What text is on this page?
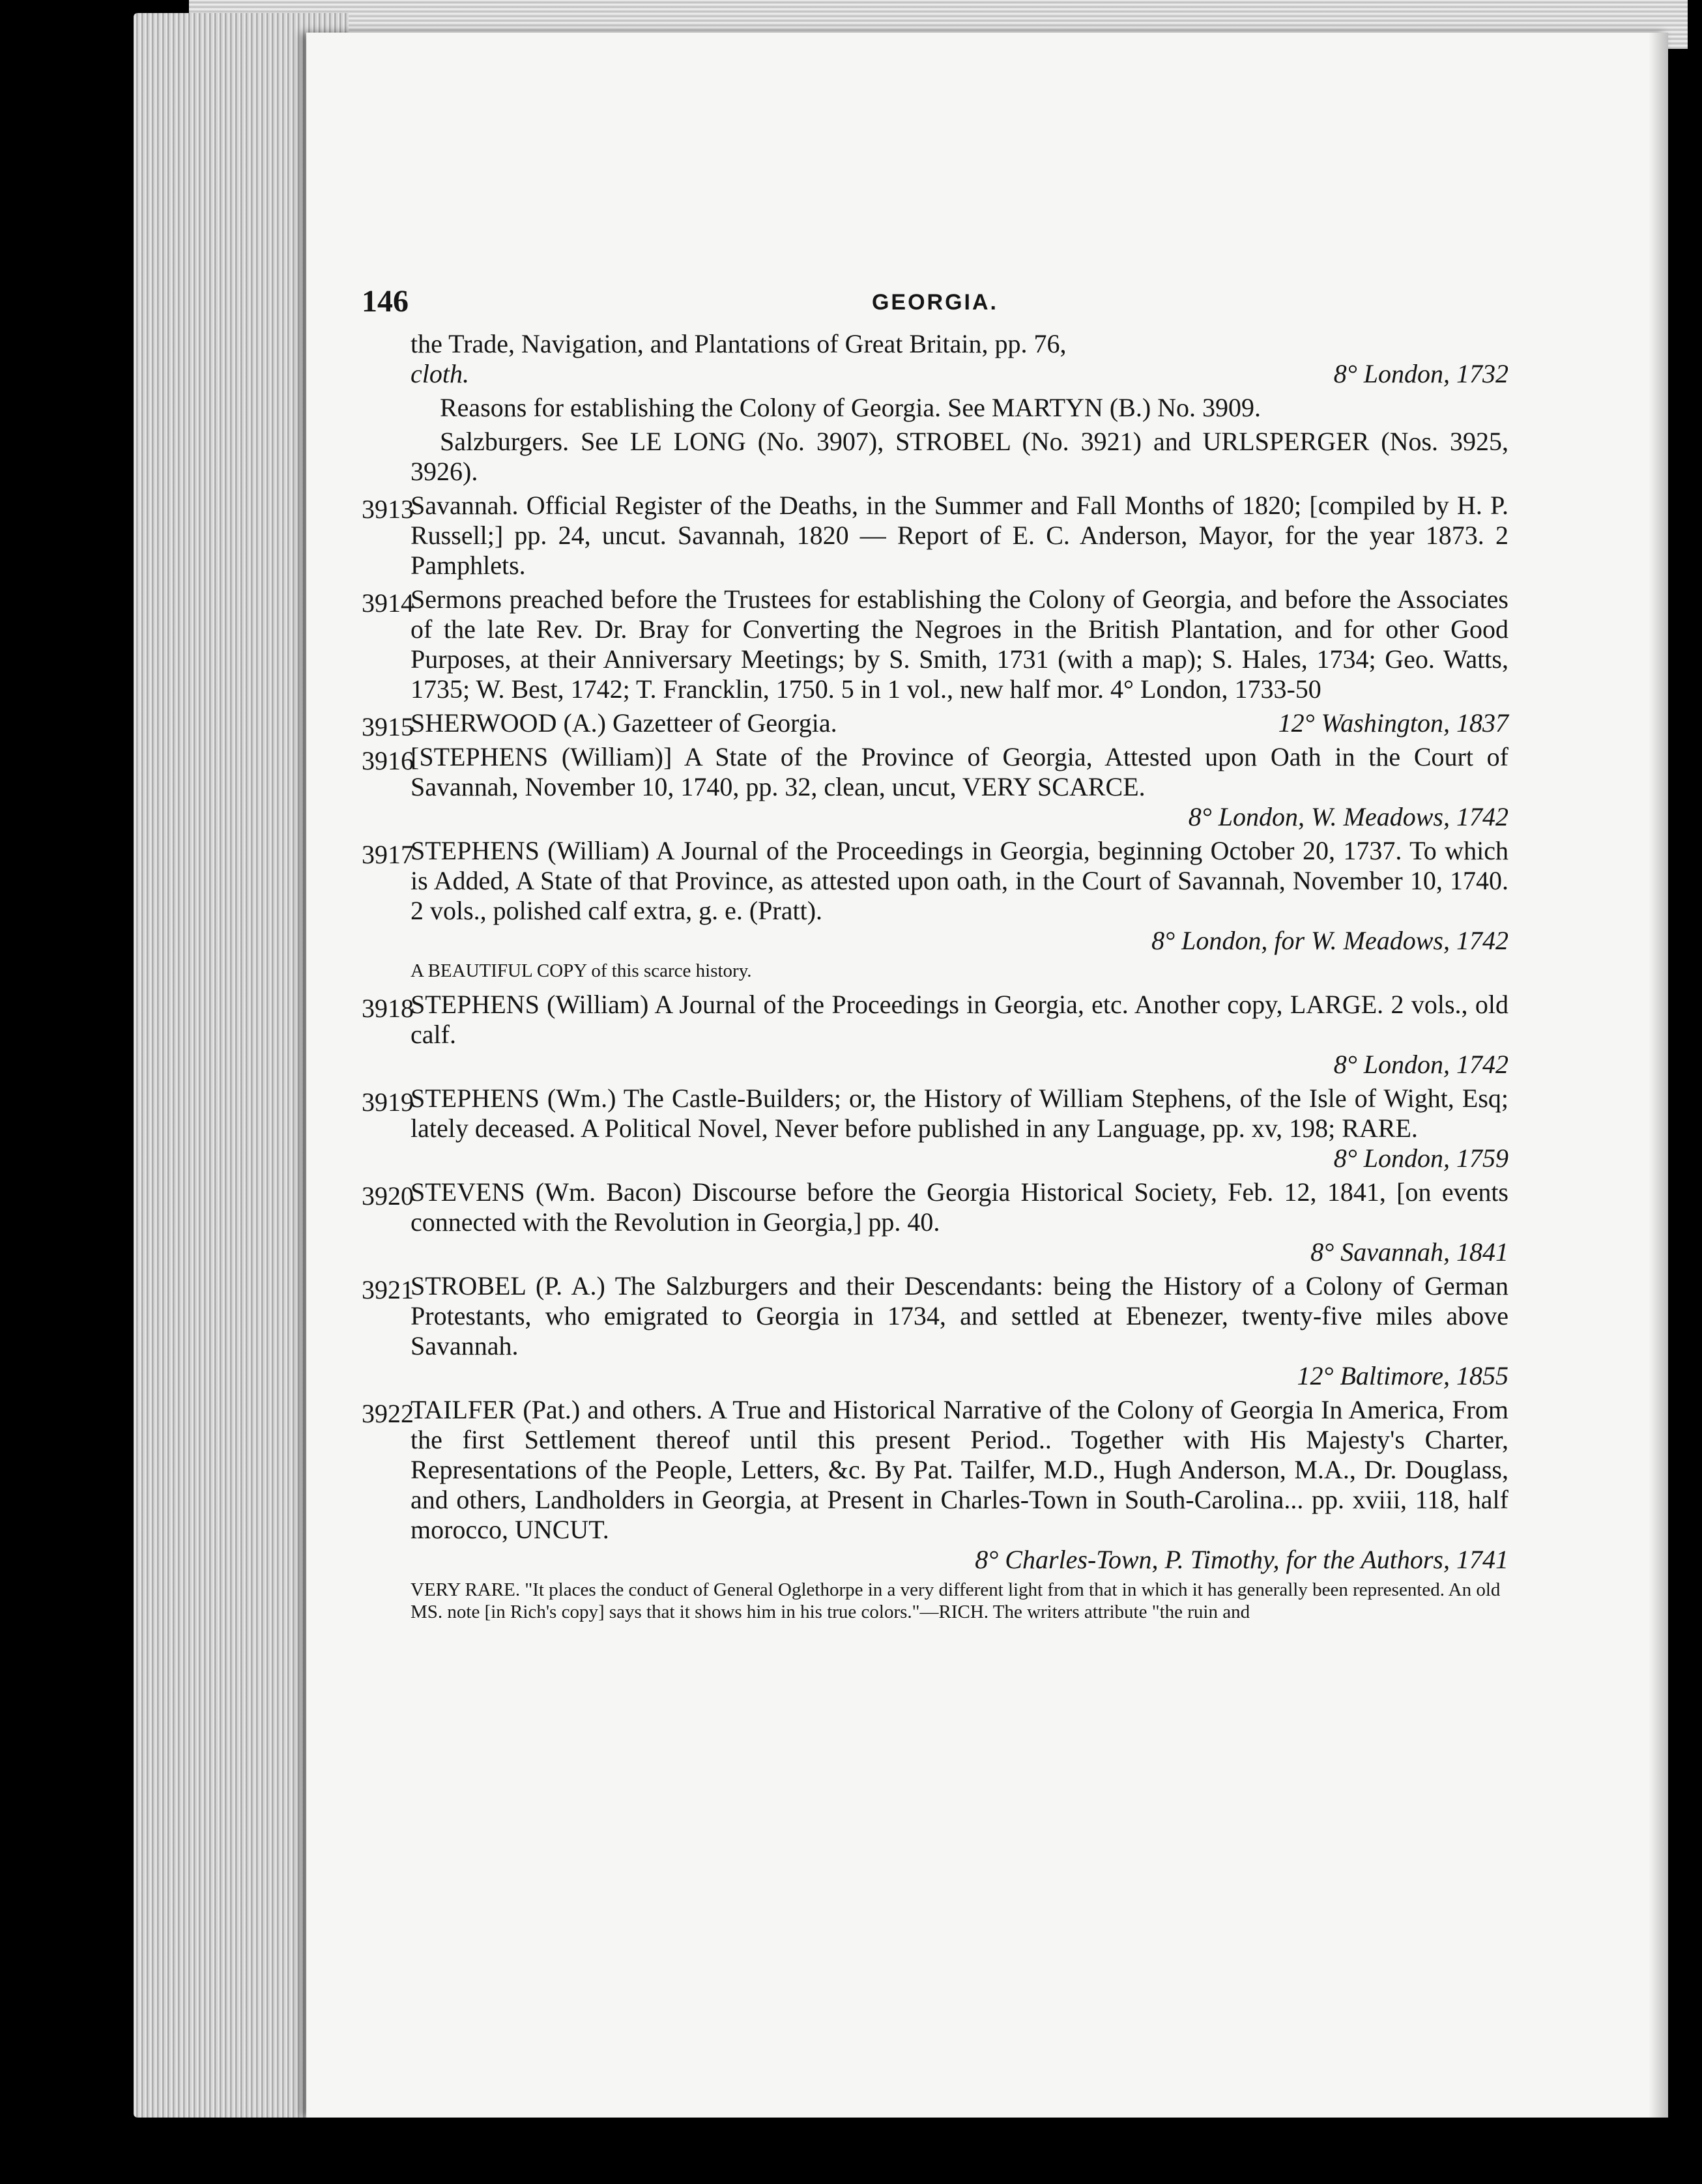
146	GEORGIA.
the Trade, Navigation, and Plantations of Great Britain, pp. 76,
cloth.	8° London, 1732
Reasons for establishing the Colony of Georgia. See MARTYN (B.) No. 3909.
Salzburgers. See LE LONG (No. 3907), STROBEL (No. 3921) and URLSPERGER (Nos. 3925, 3926).
3913
Savannah. Official Register of the Deaths, in the Summer and Fall Months of 1820; [compiled by H. P. Russell;] pp. 24, uncut. Savannah, 1820 — Report of E. C. Anderson, Mayor, for the year 1873. 2 Pamphlets.
3914
Sermons preached before the Trustees for establishing the Colony of Georgia, and before the Associates of the late Rev. Dr. Bray for Converting the Negroes in the British Plantation, and for other Good Purposes, at their Anniversary Meetings; by S. Smith, 1731 (with a map); S. Hales, 1734; Geo. Watts, 1735; W. Best, 1742; T. Francklin, 1750. 5 in 1 vol., new half mor. 4° London, 1733-50
3915
SHERWOOD (A.) Gazetteer of Georgia.	12° Washington, 1837
3916
[STEPHENS (William)] A State of the Province of Georgia, Attested upon Oath in the Court of Savannah, November 10, 1740, pp. 32, clean, uncut, VERY SCARCE.
8° London, W. Meadows, 1742
3917
STEPHENS (William) A Journal of the Proceedings in Georgia, beginning October 20, 1737. To which is Added, A State of that Province, as attested upon oath, in the Court of Savannah, November 10, 1740. 2 vols., polished calf extra, g. e. (Pratt).
8° London, for W. Meadows, 1742
A BEAUTIFUL COPY of this scarce history.
3918
STEPHENS (William) A Journal of the Proceedings in Georgia, etc. Another copy, LARGE. 2 vols., old calf.
8° London, 1742
3919
STEPHENS (Wm.) The Castle-Builders; or, the History of William Stephens, of the Isle of Wight, Esq; lately deceased. A Political Novel, Never before published in any Language, pp. xv, 198; RARE.
8° London, 1759
3920
STEVENS (Wm. Bacon) Discourse before the Georgia Historical Society, Feb. 12, 1841, [on events connected with the Revolution in Georgia,] pp. 40.
8° Savannah, 1841
3921
STROBEL (P. A.) The Salzburgers and their Descendants: being the History of a Colony of German Protestants, who emigrated to Georgia in 1734, and settled at Ebenezer, twenty-five miles above Savannah.
12° Baltimore, 1855
3922
TAILFER (Pat.) and others. A True and Historical Narrative of the Colony of Georgia In America, From the first Settlement thereof until this present Period.. Together with His Majesty's Charter, Representations of the People, Letters, &c. By Pat. Tailfer, M.D., Hugh Anderson, M.A., Dr. Douglass, and others, Landholders in Georgia, at Present in Charles-Town in South-Carolina... pp. xviii, 118, half morocco, UNCUT.
8° Charles-Town, P. Timothy, for the Authors, 1741
VERY RARE. "It places the conduct of General Oglethorpe in a very different light from that in which it has generally been represented. An old MS. note [in Rich's copy] says that it shows him in his true colors."—RICH. The writers attribute "the ruin and
